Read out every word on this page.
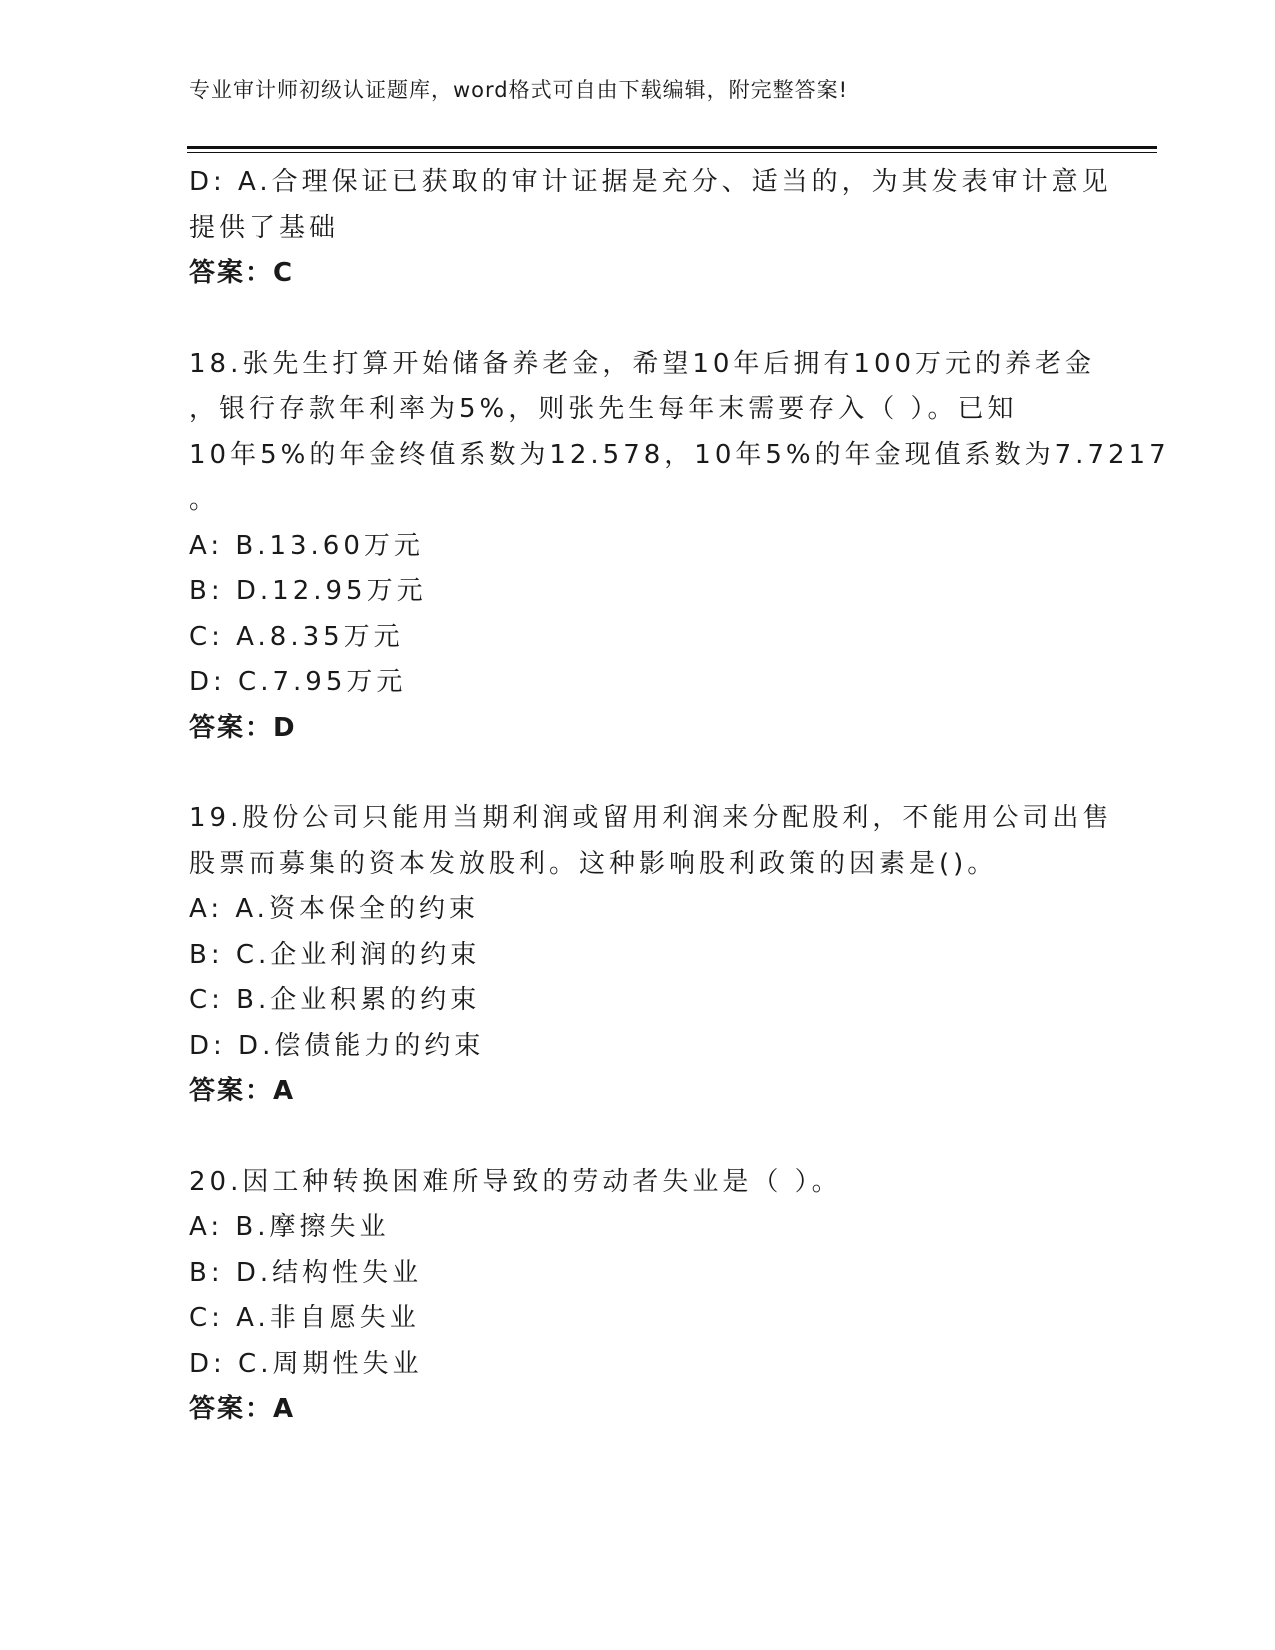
专业审计师初级认证题库，word格式可自由下载编辑，附完整答案!
D: A.合理保证已获取的审计证据是充分、适当的，为其发表审计意见
提供了基础
答案：C
18.张先生打算开始储备养老金，希望10年后拥有100万元的养老金
，银行存款年利率为5%，则张先生每年末需要存入（ ）。已知
10年5%的年金终值系数为12.578，10年5%的年金现值系数为7.7217
。
A: B.13.60万元
B: D.12.95万元
C: A.8.35万元
D: C.7.95万元
答案：D
19.股份公司只能用当期利润或留用利润来分配股利，不能用公司出售
股票而募集的资本发放股利。这种影响股利政策的因素是()。
A: A.资本保全的约束
B: C.企业利润的约束
C: B.企业积累的约束
D: D.偿债能力的约束
答案：A
20.因工种转换困难所导致的劳动者失业是（ ）。
A: B.摩擦失业
B: D.结构性失业
C: A.非自愿失业
D: C.周期性失业
答案：A
